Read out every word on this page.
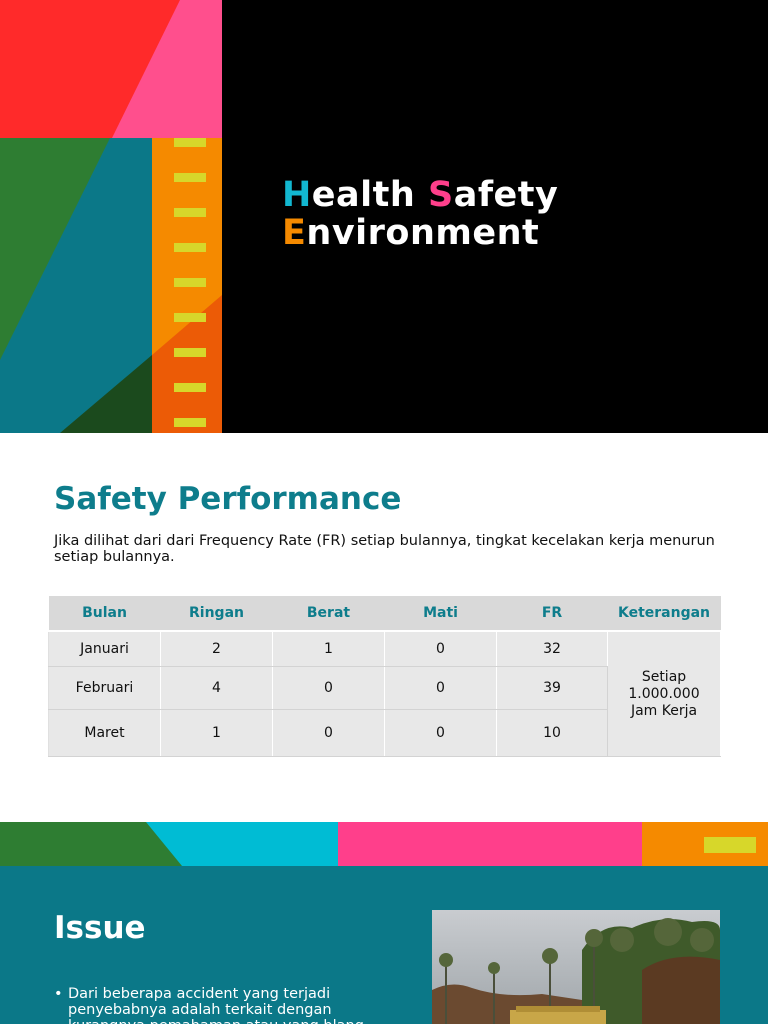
Health Safety
Environment
Safety Performance

Jika dilihat dari dari Frequency Rate (FR) setiap bulannya, tingkat kecelakan kerja menurun setiap bulannya.

Bulan	Ringan	Berat	Mati	FR	Keterangan
Januari	2	1	0	32	Setiap
1.000.000
Jam Kerja
Februari	4	0	0	39	
Maret	1	0	0	10	
Issue
• Dari beberapa accident yang terjadi penyebabnya adalah terkait dengan kurangnya pemahaman atau yang blang
